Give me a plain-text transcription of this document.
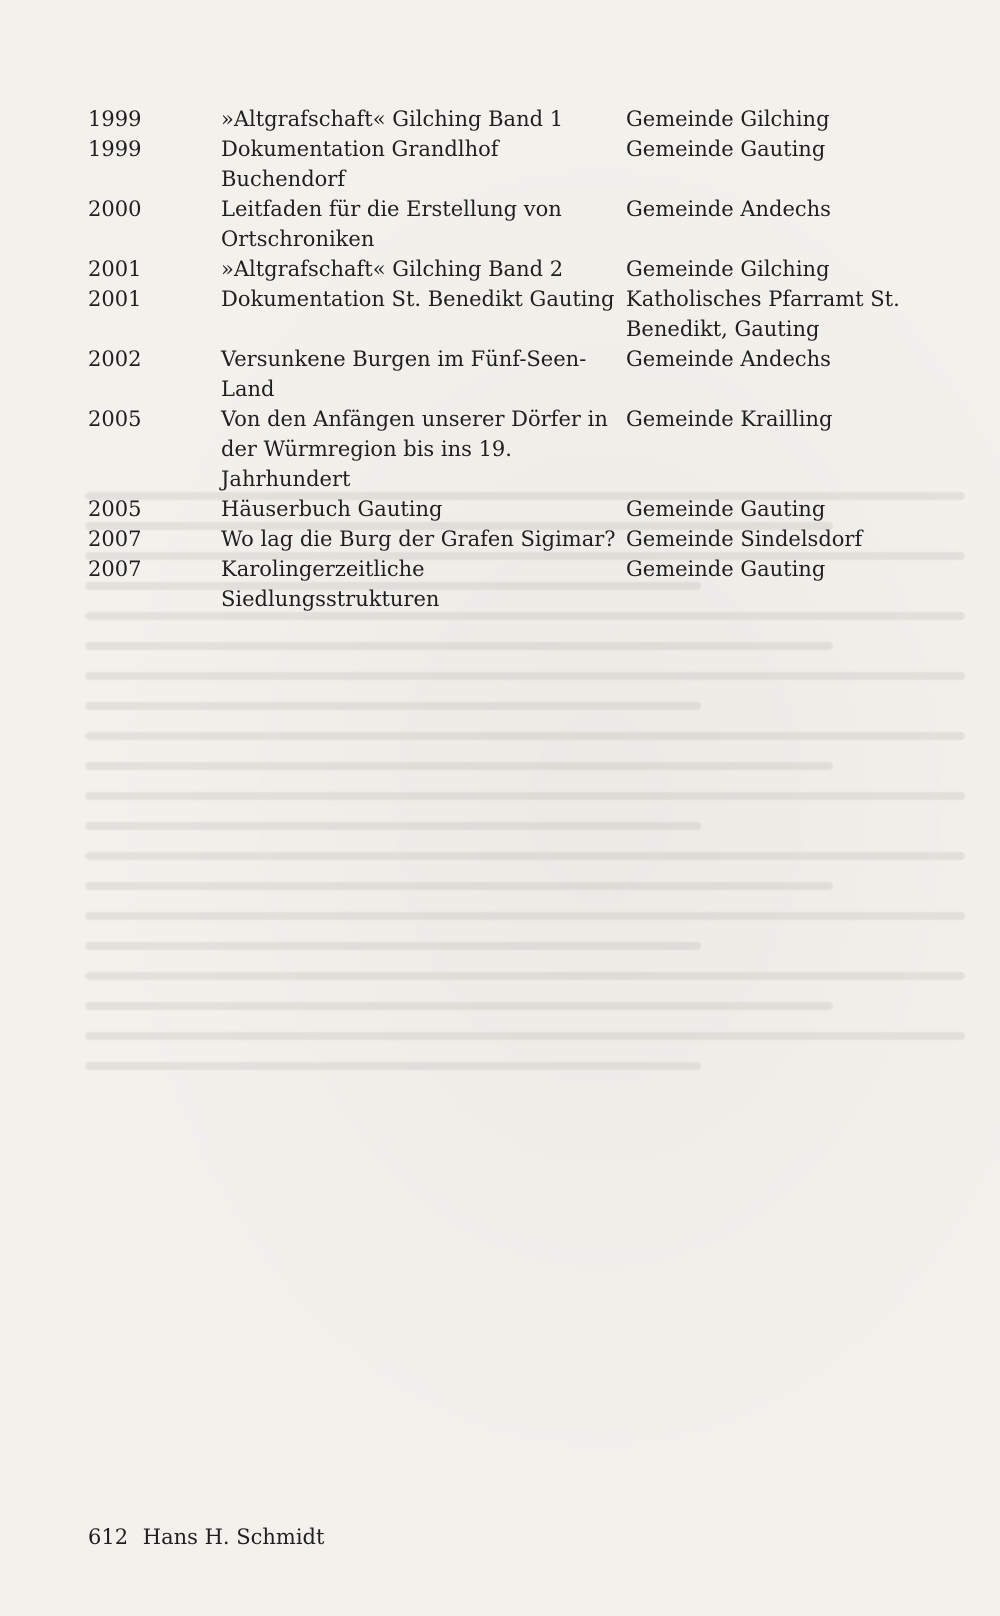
1999	»Altgrafschaft« Gilching Band 1	Gemeinde Gilching
1999	Dokumentation Grandlhof Buchendorf	Gemeinde Gauting
2000	Leitfaden für die Erstellung von Ortschroniken	Gemeinde Andechs
2001	»Altgrafschaft« Gilching Band 2	Gemeinde Gilching
2001	Dokumentation St. Benedikt Gauting	Katholisches Pfarramt St. Benedikt, Gauting
2002	Versunkene Burgen im Fünf-Seen-Land	Gemeinde Andechs
2005	Von den Anfängen unserer Dörfer in der Würmregion bis ins 19. Jahrhundert	Gemeinde Krailling
2005	Häuserbuch Gauting	Gemeinde Gauting
2007	Wo lag die Burg der Grafen Sigimar?	Gemeinde Sindelsdorf
2007	Karolingerzeitliche Siedlungsstrukturen	Gemeinde Gauting
612 Hans H. Schmidt
